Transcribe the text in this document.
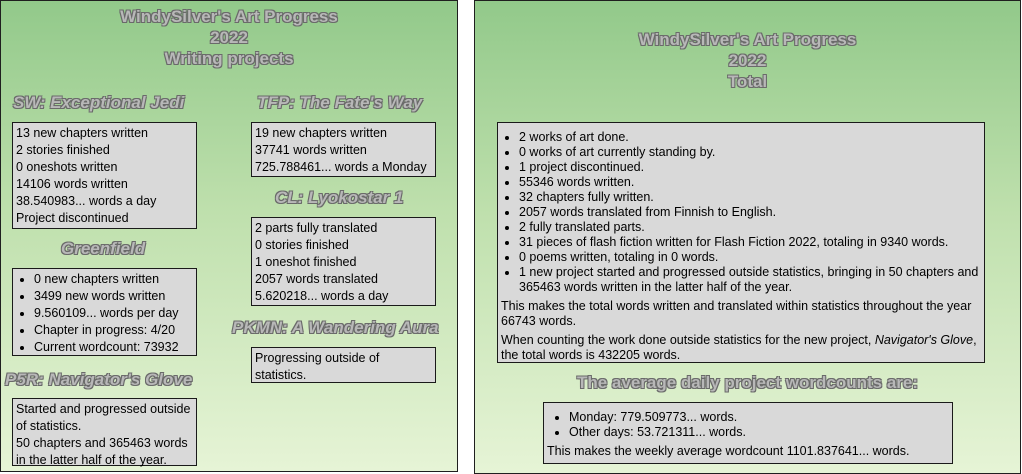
WindySilver's Art Progress
2022
Writing projects
SW: Exceptional Jedi

13 new chapters written

2 stories finished

0 oneshots written

14106 words written

38.540983... words a day

Project discontinued

Greenfield
• 0 new chapters written
• 3499 new words written
• 9.560109... words per day
• Chapter in progress: 4/20
• Current wordcount: 73932
P5R: Navigator's Glove

Started and progressed outside of statistics.

50 chapters and 365463 words in the latter half of the year.

TFP: The Fate's Way

19 new chapters written

37741 words written

725.788461... words a Monday

CL: Lyokostar 1

2 parts fully translated

0 stories finished

1 oneshot finished

2057 words translated

5.620218... words a day

PKMN: A Wandering Aura

Progressing outside of statistics.

WindySilver's Art Progress
2022
Total
• 2 works of art done.
• 0 works of art currently standing by.
• 1 project discontinued.
• 55346 words written.
• 32 chapters fully written.
• 2057 words translated from Finnish to English.
• 2 fully translated parts.
• 31 pieces of flash fiction written for Flash Fiction 2022, totaling in 9340 words.
• 0 poems written, totaling in 0 words.
• 1 new project started and progressed outside statistics, bringing in 50 chapters and 365463 words written in the latter half of the year.

This makes the total words written and translated within statistics throughout the year 66743 words.

When counting the work done outside statistics for the new project, Navigator's Glove, the total words is 432205 words.

The average daily project wordcounts are:
• Monday: 779.509773... words.
• Other days: 53.721311... words.

This makes the weekly average wordcount 1101.837641... words.
